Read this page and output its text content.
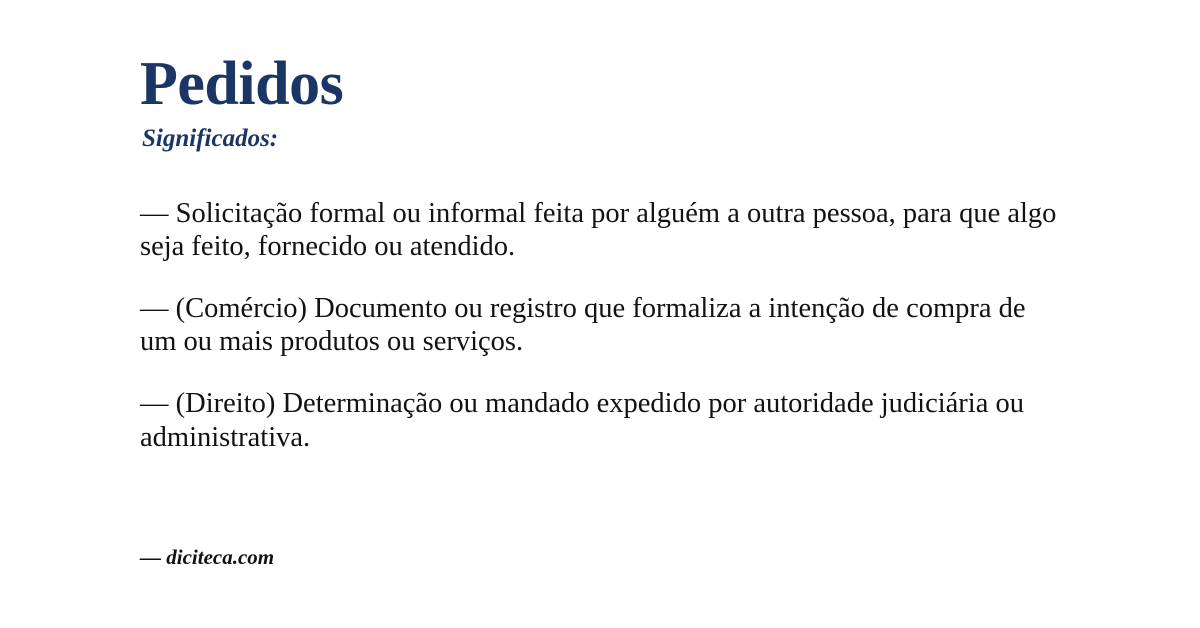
Pedidos
Significados:

— Solicitação formal ou informal feita por alguém a outra pessoa, para que algo seja feito, fornecido ou atendido.

— (Comércio) Documento ou registro que formaliza a intenção de compra de um ou mais produtos ou serviços.

— (Direito) Determinação ou mandado expedido por autoridade judiciária ou administrativa.

— diciteca.com
